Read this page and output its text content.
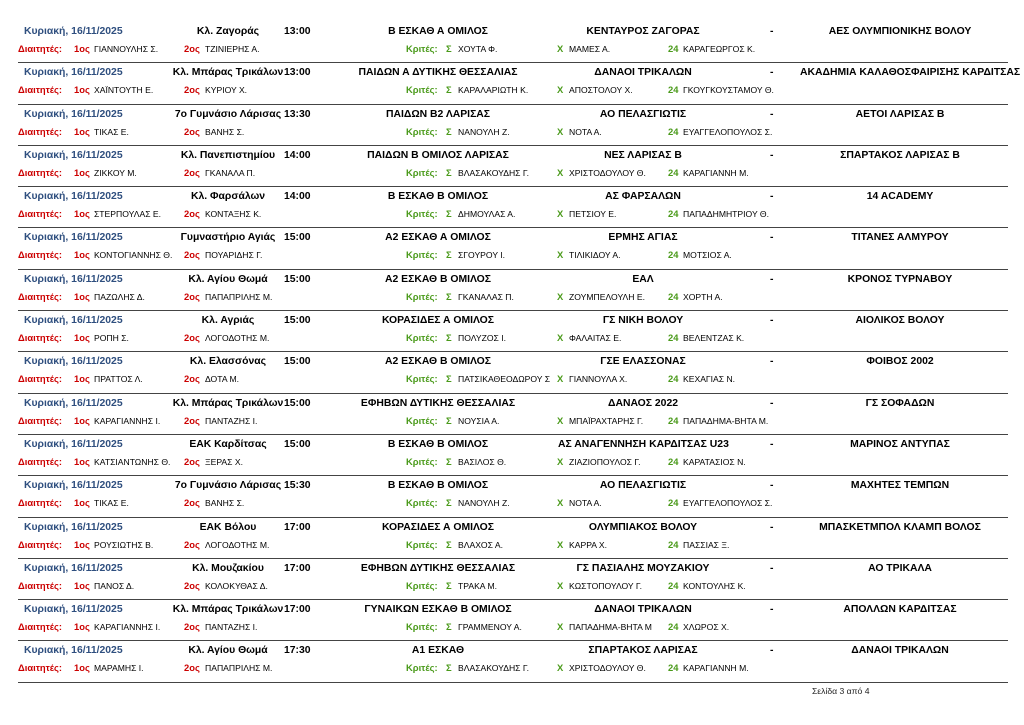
Κυριακή, 16/11/2025	Κλ. Ζαγοράς	13:00	Β ΕΣΚΑΘ Α ΟΜΙΛΟΣ	ΚΕΝΤΑΥΡΟΣ ΖΑΓΟΡΑΣ	-	ΑΕΣ ΟΛΥΜΠΙΟΝΙΚΗΣ ΒΟΛΟΥ
Διαιτητές: 1ος ΓΙΑΝΝΟΥΛΗΣ Σ.	2ος ΤΖΙΝΙΕΡΗΣ Α.	Κριτές: Σ ΧΟΥΤΑ Φ.	Χ ΜΑΜΕΣ Α.	24 ΚΑΡΑΓΕΩΡΓΟΣ Κ.
Κυριακή, 16/11/2025	Κλ. Μπάρας Τρικάλων 13:00	ΠΑΙΔΩΝ Α ΔΥΤΙΚΗΣ ΘΕΣΣΑΛΙΑΣ	ΔΑΝΑΟΙ ΤΡΙΚΑΛΩΝ	-	ΑΚΑΔΗΜΙΑ ΚΑΛΑΘΟΣΦΑΙΡΙΣΗΣ ΚΑΡΔΙΤΣΑΣ
Διαιτητές: 1ος ΧΑΪΝΤΟΥΤΗ Ε.	2ος ΚΥΡΙΟΥ Χ.	Κριτές: Σ ΚΑΡΑΛΑΡΙΩΤΗ Κ.	Χ ΑΠΟΣΤΟΛΟΥ Χ.	24 ΓΚΟΥΓΚΟΥΣΤΑΜΟΥ Θ.
Κυριακή, 16/11/2025	7ο Γυμνάσιο Λάρισας 13:30	ΠΑΙΔΩΝ Β2 ΛΑΡΙΣΑΣ	ΑΟ ΠΕΛΑΣΓΙΩΤΙΣ	-	ΑΕΤΟΙ ΛΑΡΙΣΑΣ Β
Διαιτητές: 1ος ΤΙΚΑΣ Ε.	2ος ΒΑΝΗΣ Σ.	Κριτές: Σ ΝΑΝΟΥΛΗ Ζ.	Χ ΝΟΤΑ Α.	24 ΕΥΑΓΓΕΛΟΠΟΥΛΟΣ Σ.
Κυριακή, 16/11/2025	Κλ. Πανεπιστημίου 14:00	ΠΑΙΔΩΝ Β ΟΜΙΛΟΣ ΛΑΡΙΣΑΣ	ΝΕΣ ΛΑΡΙΣΑΣ Β	-	ΣΠΑΡΤΑΚΟΣ ΛΑΡΙΣΑΣ Β
Διαιτητές: 1ος ΖΙΚΚΟΥ Μ.	2ος ΓΚΑΝΑΛΑ Π.	Κριτές: Σ ΒΛΑΣΑΚΟΥΔΗΣ Γ.	Χ ΧΡΙΣΤΟΔΟΥΛΟΥ Θ. 24 ΚΑΡΑΓΙΑΝΝΗ Μ.
Κυριακή, 16/11/2025	Κλ. Φαρσάλων	14:00	Β ΕΣΚΑΘ Β ΟΜΙΛΟΣ	ΑΣ ΦΑΡΣΑΛΩΝ	-	14 ACADEMY
Διαιτητές: 1ος ΣΤΕΡΠΟΥΛΑΣ Ε. 2ος ΚΟΝΤΑΞΗΣ Κ.	Κριτές: Σ ΔΗΜΟΥΛΑΣ Α.	Χ ΠΕΤΣΙΟΥ Ε.	24 ΠΑΠΑΔΗΜΗΤΡΙΟΥ Θ.
Κυριακή, 16/11/2025	Γυμναστήριο Αγιάς 15:00	Α2 ΕΣΚΑΘ Α ΟΜΙΛΟΣ	ΕΡΜΗΣ ΑΓΙΑΣ	-	ΤΙΤΑΝΕΣ ΑΛΜΥΡΟΥ
Διαιτητές: 1ος ΚΟΝΤΟΓΙΑΝΝΗΣ Θ. 2ος ΠΟΥΑΡΙΔΗΣ Γ.	Κριτές: Σ ΣΓΟΥΡΟΥ Ι.	Χ ΤΙΛΙΚΙΔΟΥ Α.	24 ΜΟΤΣΙΟΣ Α.
Κυριακή, 16/11/2025	Κλ. Αγίου Θωμά	15:00	Α2 ΕΣΚΑΘ Β ΟΜΙΛΟΣ	ΕΑΛ	-	ΚΡΟΝΟΣ ΤΥΡΝΑΒΟΥ
Διαιτητές: 1ος ΠΑΖΩΛΗΣ Δ.	2ος ΠΑΠΑΠΡΙΛΗΣ Μ.	Κριτές: Σ ΓΚΑΝΑΛΑΣ Π.	Χ ΖΟΥΜΠΕΛΟΥΛΗ Ε. 24 ΧΟΡΤΗ Α.
Κυριακή, 16/11/2025	Κλ. Αγριάς	15:00	ΚΟΡΑΣΙΔΕΣ Α ΟΜΙΛΟΣ	ΓΣ ΝΙΚΗ ΒΟΛΟΥ	-	ΑΙΟΛΙΚΟΣ ΒΟΛΟΥ
Διαιτητές: 1ος ΡΟΠΗ Σ.	2ος ΛΟΓΟΔΟΤΗΣ Μ.	Κριτές: Σ ΠΟΛΥΖΟΣ Ι.	Χ ΦΑΛΑΙΤΑΣ Ε.	24 ΒΕΛΕΝΤΖΑΣ Κ.
Κυριακή, 16/11/2025	Κλ. Ελασσόνας	15:00	Α2 ΕΣΚΑΘ Β ΟΜΙΛΟΣ	ΓΣΕ ΕΛΑΣΣΟΝΑΣ	-	ΦΟΙΒΟΣ 2002
Διαιτητές: 1ος ΠΡΑΤΤΟΣ Λ.	2ος ΔΟΤΑ Μ.	Κριτές: Σ ΠΑΤΣΙΚΑΘΕΟΔΩΡΟΥ Σ Χ ΓΙΑΝΝΟΥΛΑ Χ.	24 ΚΕΧΑΓΙΑΣ Ν.
Κυριακή, 16/11/2025	Κλ. Μπάρας Τρικάλων 15:00	ΕΦΗΒΩΝ ΔΥΤΙΚΗΣ ΘΕΣΣΑΛΙΑΣ	ΔΑΝΑΟΣ 2022	-	ΓΣ ΣΟΦΑΔΩΝ
Διαιτητές: 1ος ΚΑΡΑΓΙΑΝΝΗΣ Ι.	2ος ΠΑΝΤΑΖΗΣ Ι.	Κριτές: Σ ΝΟΥΣΙΑ Α.	Χ ΜΠΑΪΡΑΧΤΑΡΗΣ Γ.	24 ΠΑΠΑΔΗΜΑ-ΒΗΤΑ Μ.
Κυριακή, 16/11/2025	ΕΑΚ Καρδίτσας	15:00	Β ΕΣΚΑΘ Β ΟΜΙΛΟΣ	ΑΣ ΑΝΑΓΕΝΝΗΣΗ ΚΑΡΔΙΤΣΑΣ U23	-	ΜΑΡΙΝΟΣ ΑΝΤΥΠΑΣ
Διαιτητές: 1ος ΚΑΤΣΙΑΝΤΩΝΗΣ Θ. 2ος ΞΕΡΑΣ Χ.	Κριτές: Σ ΒΑΣΙΛΟΣ Θ.	Χ ΖΙΑΖΙΟΠΟΥΛΟΣ Γ.	24 ΚΑΡΑΤΑΣΙΟΣ Ν.
Κυριακή, 16/11/2025	7ο Γυμνάσιο Λάρισας 15:30	Β ΕΣΚΑΘ Β ΟΜΙΛΟΣ	ΑΟ ΠΕΛΑΣΓΙΩΤΙΣ	-	ΜΑΧΗΤΕΣ ΤΕΜΠΩΝ
Διαιτητές: 1ος ΤΙΚΑΣ Ε.	2ος ΒΑΝΗΣ Σ.	Κριτές: Σ ΝΑΝΟΥΛΗ Ζ.	Χ ΝΟΤΑ Α.	24 ΕΥΑΓΓΕΛΟΠΟΥΛΟΣ Σ.
Κυριακή, 16/11/2025	ΕΑΚ Βόλου	17:00	ΚΟΡΑΣΙΔΕΣ Α ΟΜΙΛΟΣ	ΟΛΥΜΠΙΑΚΟΣ ΒΟΛΟΥ	-	ΜΠΑΣΚΕΤΜΠΟΛ ΚΛΑΜΠ ΒΟΛΟΣ
Διαιτητές: 1ος ΡΟΥΣΙΩΤΗΣ Β.	2ος ΛΟΓΟΔΟΤΗΣ Μ.	Κριτές: Σ ΒΛΑΧΟΣ Α.	Χ ΚΑΡΡΑ Χ.	24 ΠΑΣΣΙΑΣ Ξ.
Κυριακή, 16/11/2025	Κλ. Μουζακίου	17:00	ΕΦΗΒΩΝ ΔΥΤΙΚΗΣ ΘΕΣΣΑΛΙΑΣ	ΓΣ ΠΑΣΙΑΛΗΣ ΜΟΥΖΑΚΙΟΥ	-	ΑΟ ΤΡΙΚΑΛΑ
Διαιτητές: 1ος ΠΑΝΟΣ Δ.	2ος ΚΟΛΟΚΥΘΑΣ Δ.	Κριτές: Σ ΤΡΑΚΑ Μ.	Χ ΚΩΣΤΟΠΟΥΛΟΥ Γ.	24 ΚΟΝΤΟΥΛΗΣ Κ.
Κυριακή, 16/11/2025	Κλ. Μπάρας Τρικάλων 17:00	ΓΥΝΑΙΚΩΝ ΕΣΚΑΘ Β ΟΜΙΛΟΣ	ΔΑΝΑΟΙ ΤΡΙΚΑΛΩΝ	-	ΑΠΟΛΛΩΝ ΚΑΡΔΙΤΣΑΣ
Διαιτητές: 1ος ΚΑΡΑΓΙΑΝΝΗΣ Ι.	2ος ΠΑΝΤΑΖΗΣ Ι.	Κριτές: Σ ΓΡΑΜΜΕΝΟΥ Α.	Χ ΠΑΠΑΔΗΜΑ-ΒΗΤΑ Μ 24 ΧΛΩΡΟΣ Χ.
Κυριακή, 16/11/2025	Κλ. Αγίου Θωμά	17:30	Α1 ΕΣΚΑΘ	ΣΠΑΡΤΑΚΟΣ ΛΑΡΙΣΑΣ	-	ΔΑΝΑΟΙ ΤΡΙΚΑΛΩΝ
Διαιτητές: 1ος ΜΑΡΑΜΗΣ Ι.	2ος ΠΑΠΑΠΡΙΛΗΣ Μ.	Κριτές: Σ ΒΛΑΣΑΚΟΥΔΗΣ Γ.	Χ ΧΡΙΣΤΟΔΟΥΛΟΥ Θ. 24 ΚΑΡΑΓΙΑΝΝΗ Μ.
Σελίδα 3 από 4
